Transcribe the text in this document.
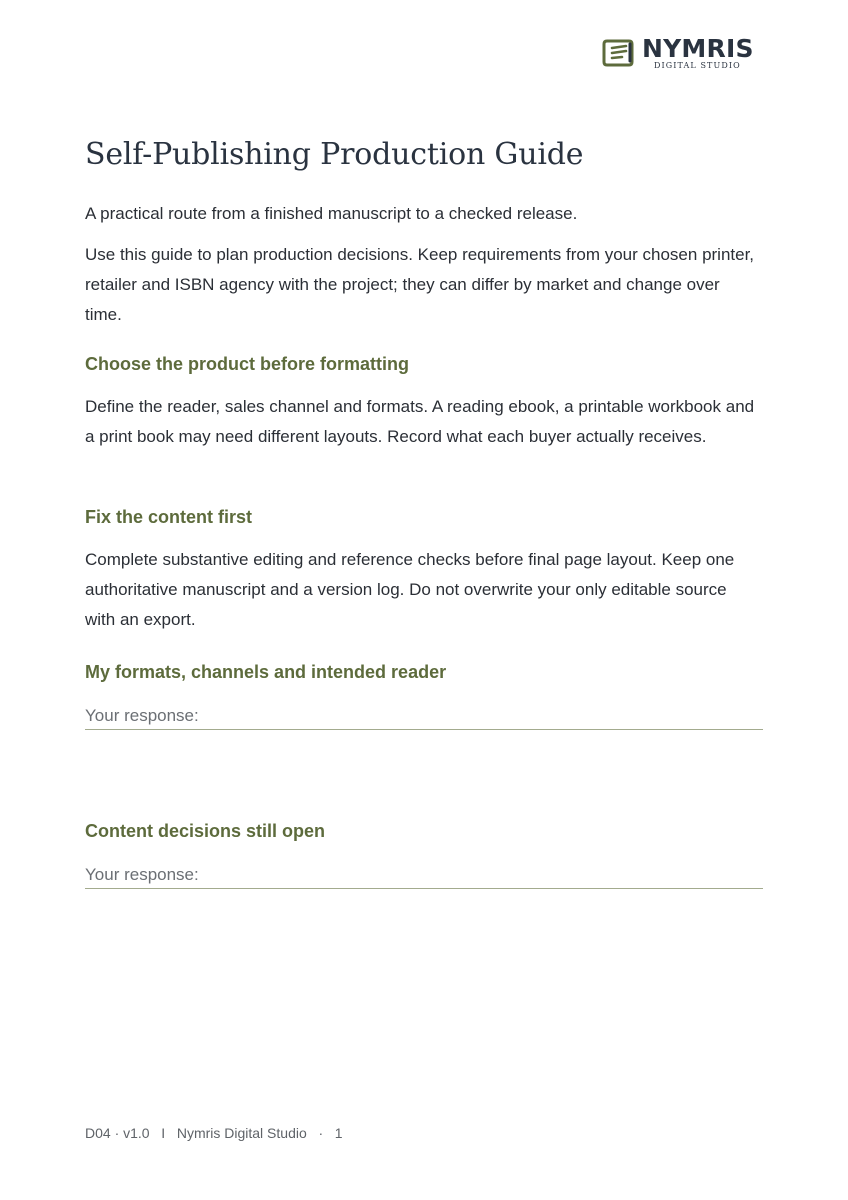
NYMRIS
DIGITAL STUDIO
Self-Publishing Production Guide

A practical route from a finished manuscript to a checked release.

Use this guide to plan production decisions. Keep requirements from your chosen printer, retailer and ISBN agency with the project; they can differ by market and change over time.

Choose the product before formatting

Define the reader, sales channel and formats. A reading ebook, a printable workbook and a print book may need different layouts. Record what each buyer actually receives.

Fix the content first

Complete substantive editing and reference checks before final page layout. Keep one authoritative manuscript and a version log. Do not overwrite your only editable source with an export.

My formats, channels and intended reader
Your response:
Content decisions still open
Your response:
D04 · v1.0 I Nymris Digital Studio · 1
